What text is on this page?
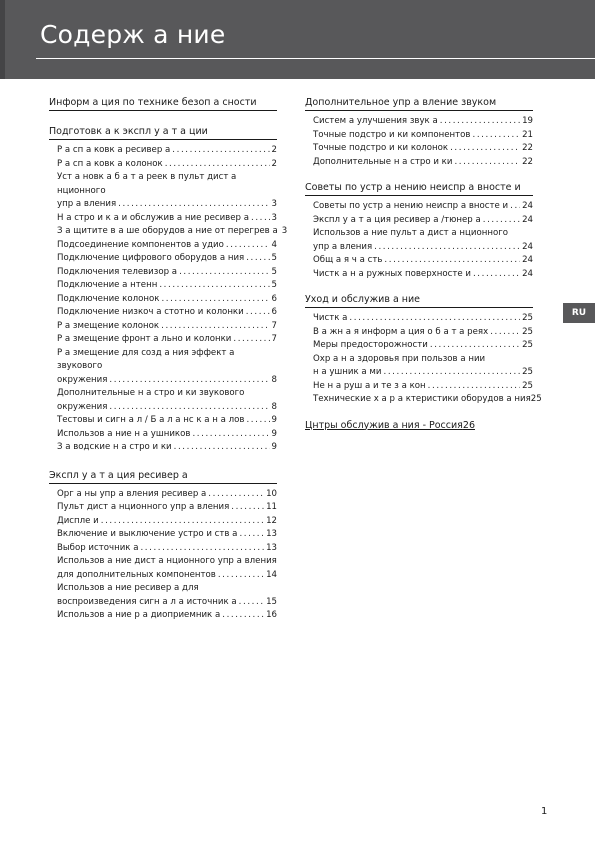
Содерж а ние
Информ а ция по технике безоп а сности
Подготовк а к экспл у а т а ции
Р а сп а ковк а ресивер а .....	2
Р а сп а ковк а колонок .....	2
Уст а новк а б а т а реек в пульт дист а нционного
упр а вления .....	3
Н а стро и к а и обслужив а ние ресивер а .....	3
З а щитите в а ше оборудов а ние от перегрев а 3
Подсоединение компонентов а удио .....	4
Подключение цифрового оборудов а ния .....	5
Подключения телевизор а .....	5
Подключение а нтенн .....	5
Подключение колонок .....	6
Подключение низкоч а стотно и колонки .....	6
Р а змещение колонок .....	7
Р а змещение фронт а льно и колонки .....	7
Р а змещение для созд а ния эффект а звукового
окружения .....	8
Дополнительные н а стро и ки звукового
окружения .....	8
Тестовы и сигн а л / Б а л а нс к а н а лов .....	9
Использов а ние н а ушников .....	9
З а водские н а стро и ки .....	9
Экспл у а т а ция ресивер а
Орг а ны упр а вления ресивер а .....	10
Пульт дист а нционного упр а вления .....	11
Диспле и .....	12
Включение и выключение устро и ств а .....	13
Выбор источник а .....	13
Использов а ние дист а нционного упр а вления
для дополнительных компонентов .....	14
Использов а ние ресивер а для
воспроизведения сигн а л а источник а .....	15
Использов а ние р а диоприемник а .....	16
Дополнительное упр а вление звуком
Систем а улучшения звук а .....	19
Точные подстро и ки компонентов .....	21
Точные подстро и ки колонок .....	22
Дополнительные н а стро и ки .....	22
Советы по устр а нению неиспр а вносте и
Советы по устр а нению неиспр а вносте и ..... 24
Экспл у а т а ция ресивер а /тюнер а .....	24
Использов а ние пульт а дист а нционного
упр а вления .....	24
Общ а я ч а сть .....	24
Чистк а н а ружных поверхносте и .....	24
Уход и обслужив а ние
Чистк а .....	25
В а жн а я информ а ция о б а т а реях .....	25
Меры предосторожности .....	25
Охр а н а здоровья при пользов а нии
н а ушник а ми .....	25
Не н а руш а и те з а кон .....	25
Технические х а р а ктеристики оборудов а ния 25
Цнтры обслужив а ния - Россия 26
RU
1
